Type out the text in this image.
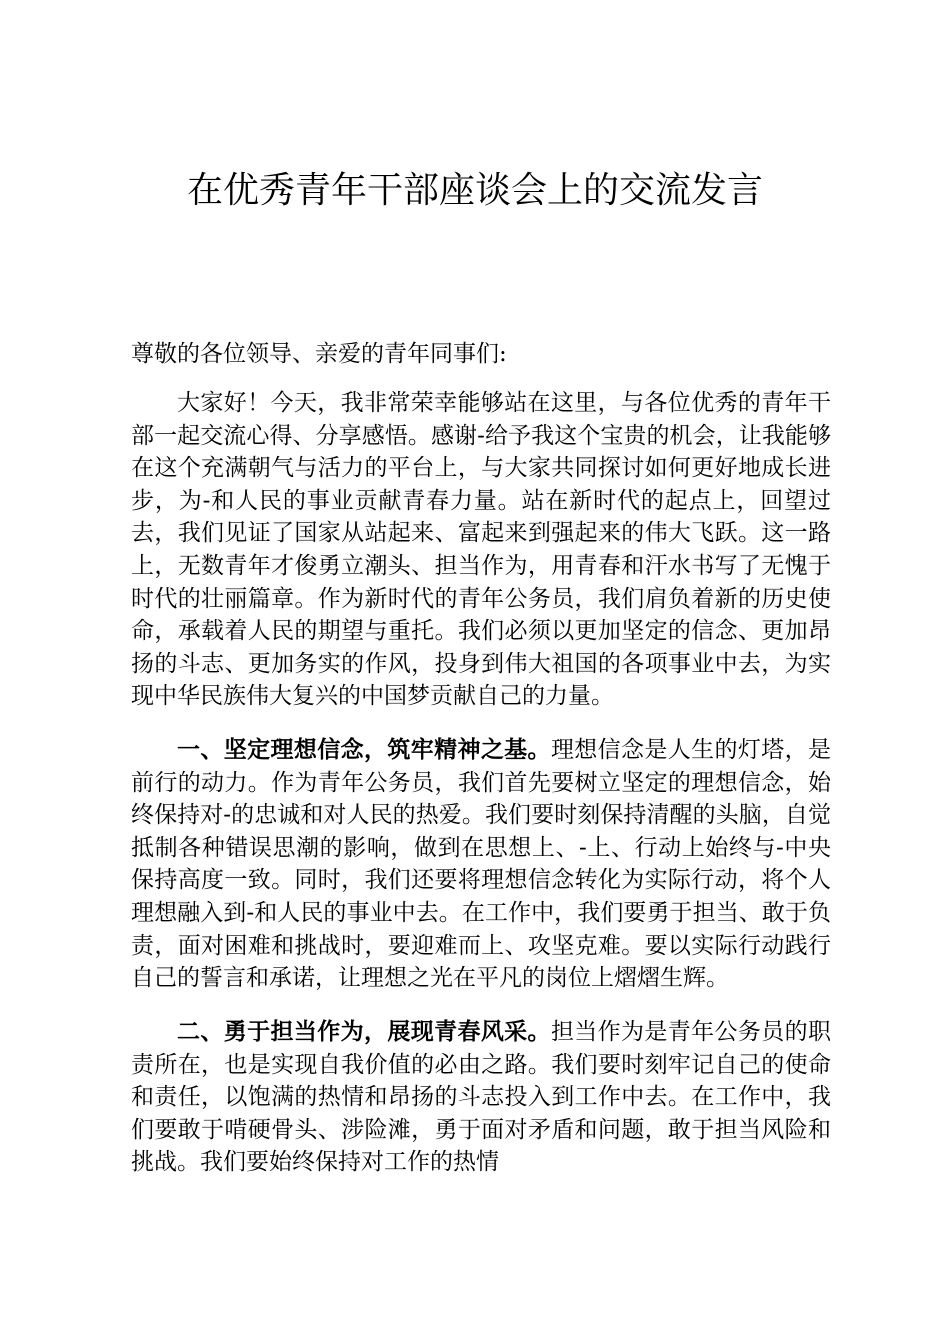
在优秀青年干部座谈会上的交流发言
尊敬的各位领导、亲爱的青年同事们:

大家好！今天，我非常荣幸能够站在这里，与各位优秀的青年干部一起交流心得、分享感悟。感谢-给予我这个宝贵的机会，让我能够在这个充满朝气与活力的平台上，与大家共同探讨如何更好地成长进步，为-和人民的事业贡献青春力量。站在新时代的起点上，回望过去，我们见证了国家从站起来、富起来到强起来的伟大飞跃。这一路上，无数青年才俊勇立潮头、担当作为，用青春和汗水书写了无愧于时代的壮丽篇章。作为新时代的青年公务员，我们肩负着新的历史使命，承载着人民的期望与重托。我们必须以更加坚定的信念、更加昂扬的斗志、更加务实的作风，投身到伟大祖国的各项事业中去，为实现中华民族伟大复兴的中国梦贡献自己的力量。

一、坚定理想信念，筑牢精神之基。理想信念是人生的灯塔，是前行的动力。作为青年公务员，我们首先要树立坚定的理想信念，始终保持对-的忠诚和对人民的热爱。我们要时刻保持清醒的头脑，自觉抵制各种错误思潮的影响，做到在思想上、-上、行动上始终与-中央保持高度一致。同时，我们还要将理想信念转化为实际行动，将个人理想融入到-和人民的事业中去。在工作中，我们要勇于担当、敢于负责，面对困难和挑战时，要迎难而上、攻坚克难。要以实际行动践行自己的誓言和承诺，让理想之光在平凡的岗位上熠熠生辉。

二、勇于担当作为，展现青春风采。担当作为是青年公务员的职责所在，也是实现自我价值的必由之路。我们要时刻牢记自己的使命和责任，以饱满的热情和昂扬的斗志投入到工作中去。在工作中，我们要敢于啃硬骨头、涉险滩，勇于面对矛盾和问题，敢于担当风险和挑战。我们要始终保持对工作的热情
